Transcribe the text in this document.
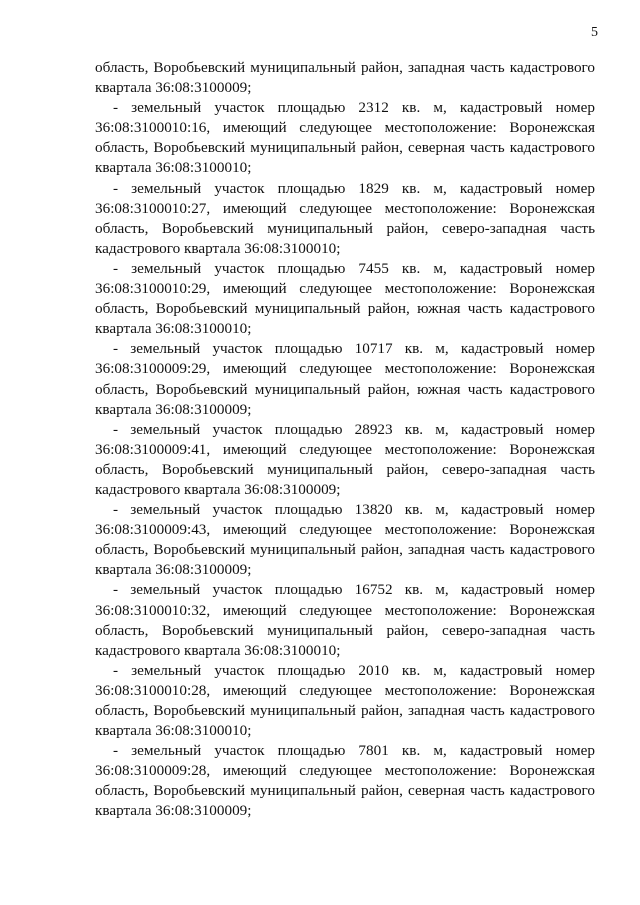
5

область, Воробьевский муниципальный район, западная часть кадастрового квартала 36:08:3100009;

- земельный участок площадью 2312 кв. м, кадастровый номер 36:08:3100010:16, имеющий следующее местоположение: Воронежская область, Воробьевский муниципальный район, северная часть кадастрового квартала 36:08:3100010;

- земельный участок площадью 1829 кв. м, кадастровый номер 36:08:3100010:27, имеющий следующее местоположение: Воронежская область, Воробьевский муниципальный район, северо-западная часть кадастрового квартала 36:08:3100010;

- земельный участок площадью 7455 кв. м, кадастровый номер 36:08:3100010:29, имеющий следующее местоположение: Воронежская область, Воробьевский муниципальный район, южная часть кадастрового квартала 36:08:3100010;

- земельный участок площадью 10717 кв. м, кадастровый номер 36:08:3100009:29, имеющий следующее местоположение: Воронежская область, Воробьевский муниципальный район, южная часть кадастрового квартала 36:08:3100009;

- земельный участок площадью 28923 кв. м, кадастровый номер 36:08:3100009:41, имеющий следующее местоположение: Воронежская область, Воробьевский муниципальный район, северо-западная часть кадастрового квартала 36:08:3100009;

- земельный участок площадью 13820 кв. м, кадастровый номер 36:08:3100009:43, имеющий следующее местоположение: Воронежская область, Воробьевский муниципальный район, западная часть кадастрового квартала 36:08:3100009;

- земельный участок площадью 16752 кв. м, кадастровый номер 36:08:3100010:32, имеющий следующее местоположение: Воронежская область, Воробьевский муниципальный район, северо-западная часть кадастрового квартала 36:08:3100010;

- земельный участок площадью 2010 кв. м, кадастровый номер 36:08:3100010:28, имеющий следующее местоположение: Воронежская область, Воробьевский муниципальный район, западная часть кадастрового квартала 36:08:3100010;

- земельный участок площадью 7801 кв. м, кадастровый номер 36:08:3100009:28, имеющий следующее местоположение: Воронежская область, Воробьевский муниципальный район, северная часть кадастрового квартала 36:08:3100009;
